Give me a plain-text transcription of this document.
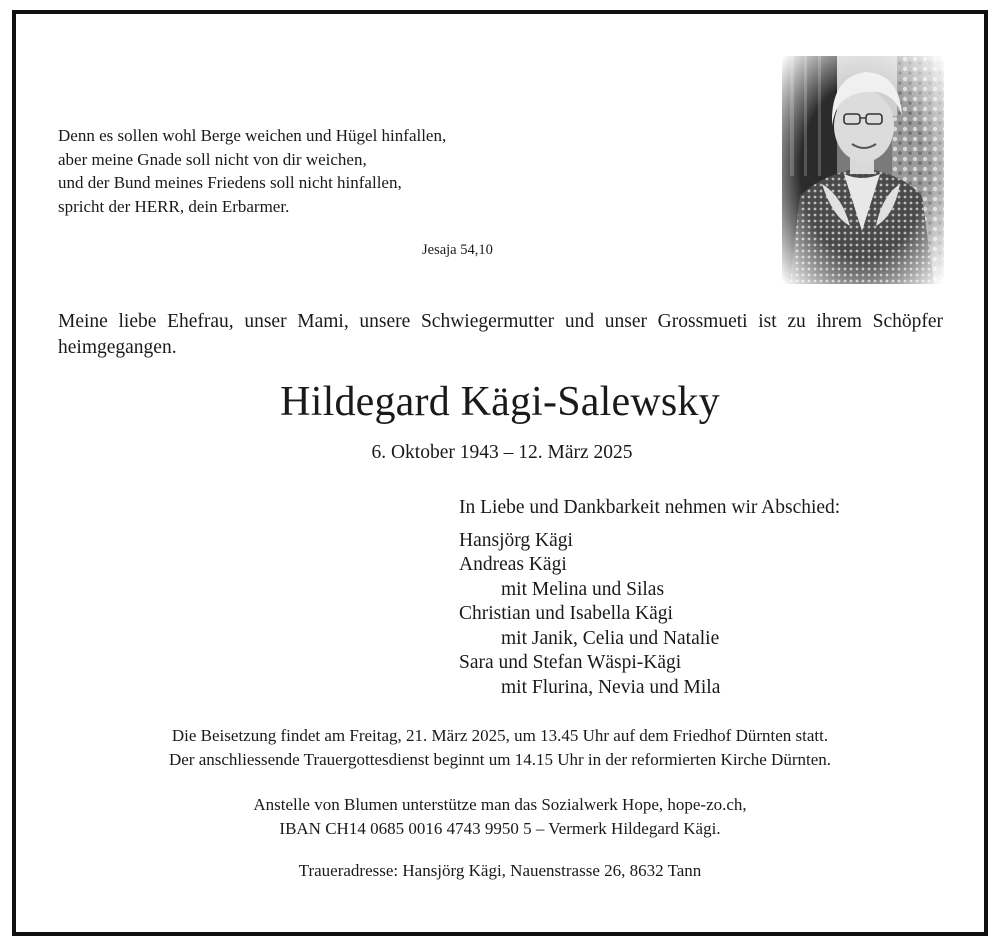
Denn es sollen wohl Berge weichen und Hügel hinfallen,
aber meine Gnade soll nicht von dir weichen,
und der Bund meines Friedens soll nicht hinfallen,
spricht der HERR, dein Erbarmer.
Jesaja 54,10
Meine liebe Ehefrau, unser Mami, unsere Schwiegermutter und unser Grossmueti ist zu ihrem Schöpfer heimgegangen.
Hildegard Kägi-Salewsky
6. Oktober 1943 – 12. März 2025
In Liebe und Dankbarkeit nehmen wir Abschied:
Hansjörg Kägi
Andreas Kägi
mit Melina und Silas
Christian und Isabella Kägi
mit Janik, Celia und Natalie
Sara und Stefan Wäspi-Kägi
mit Flurina, Nevia und Mila
Die Beisetzung findet am Freitag, 21. März 2025, um 13.45 Uhr auf dem Friedhof Dürnten statt.
Der anschliessende Trauergottesdienst beginnt um 14.15 Uhr in der reformierten Kirche Dürnten.
Anstelle von Blumen unterstütze man das Sozialwerk Hope, hope-zo.ch,
IBAN CH14 0685 0016 4743 9950 5 – Vermerk Hildegard Kägi.
Traueradresse: Hansjörg Kägi, Nauenstrasse 26, 8632 Tann
